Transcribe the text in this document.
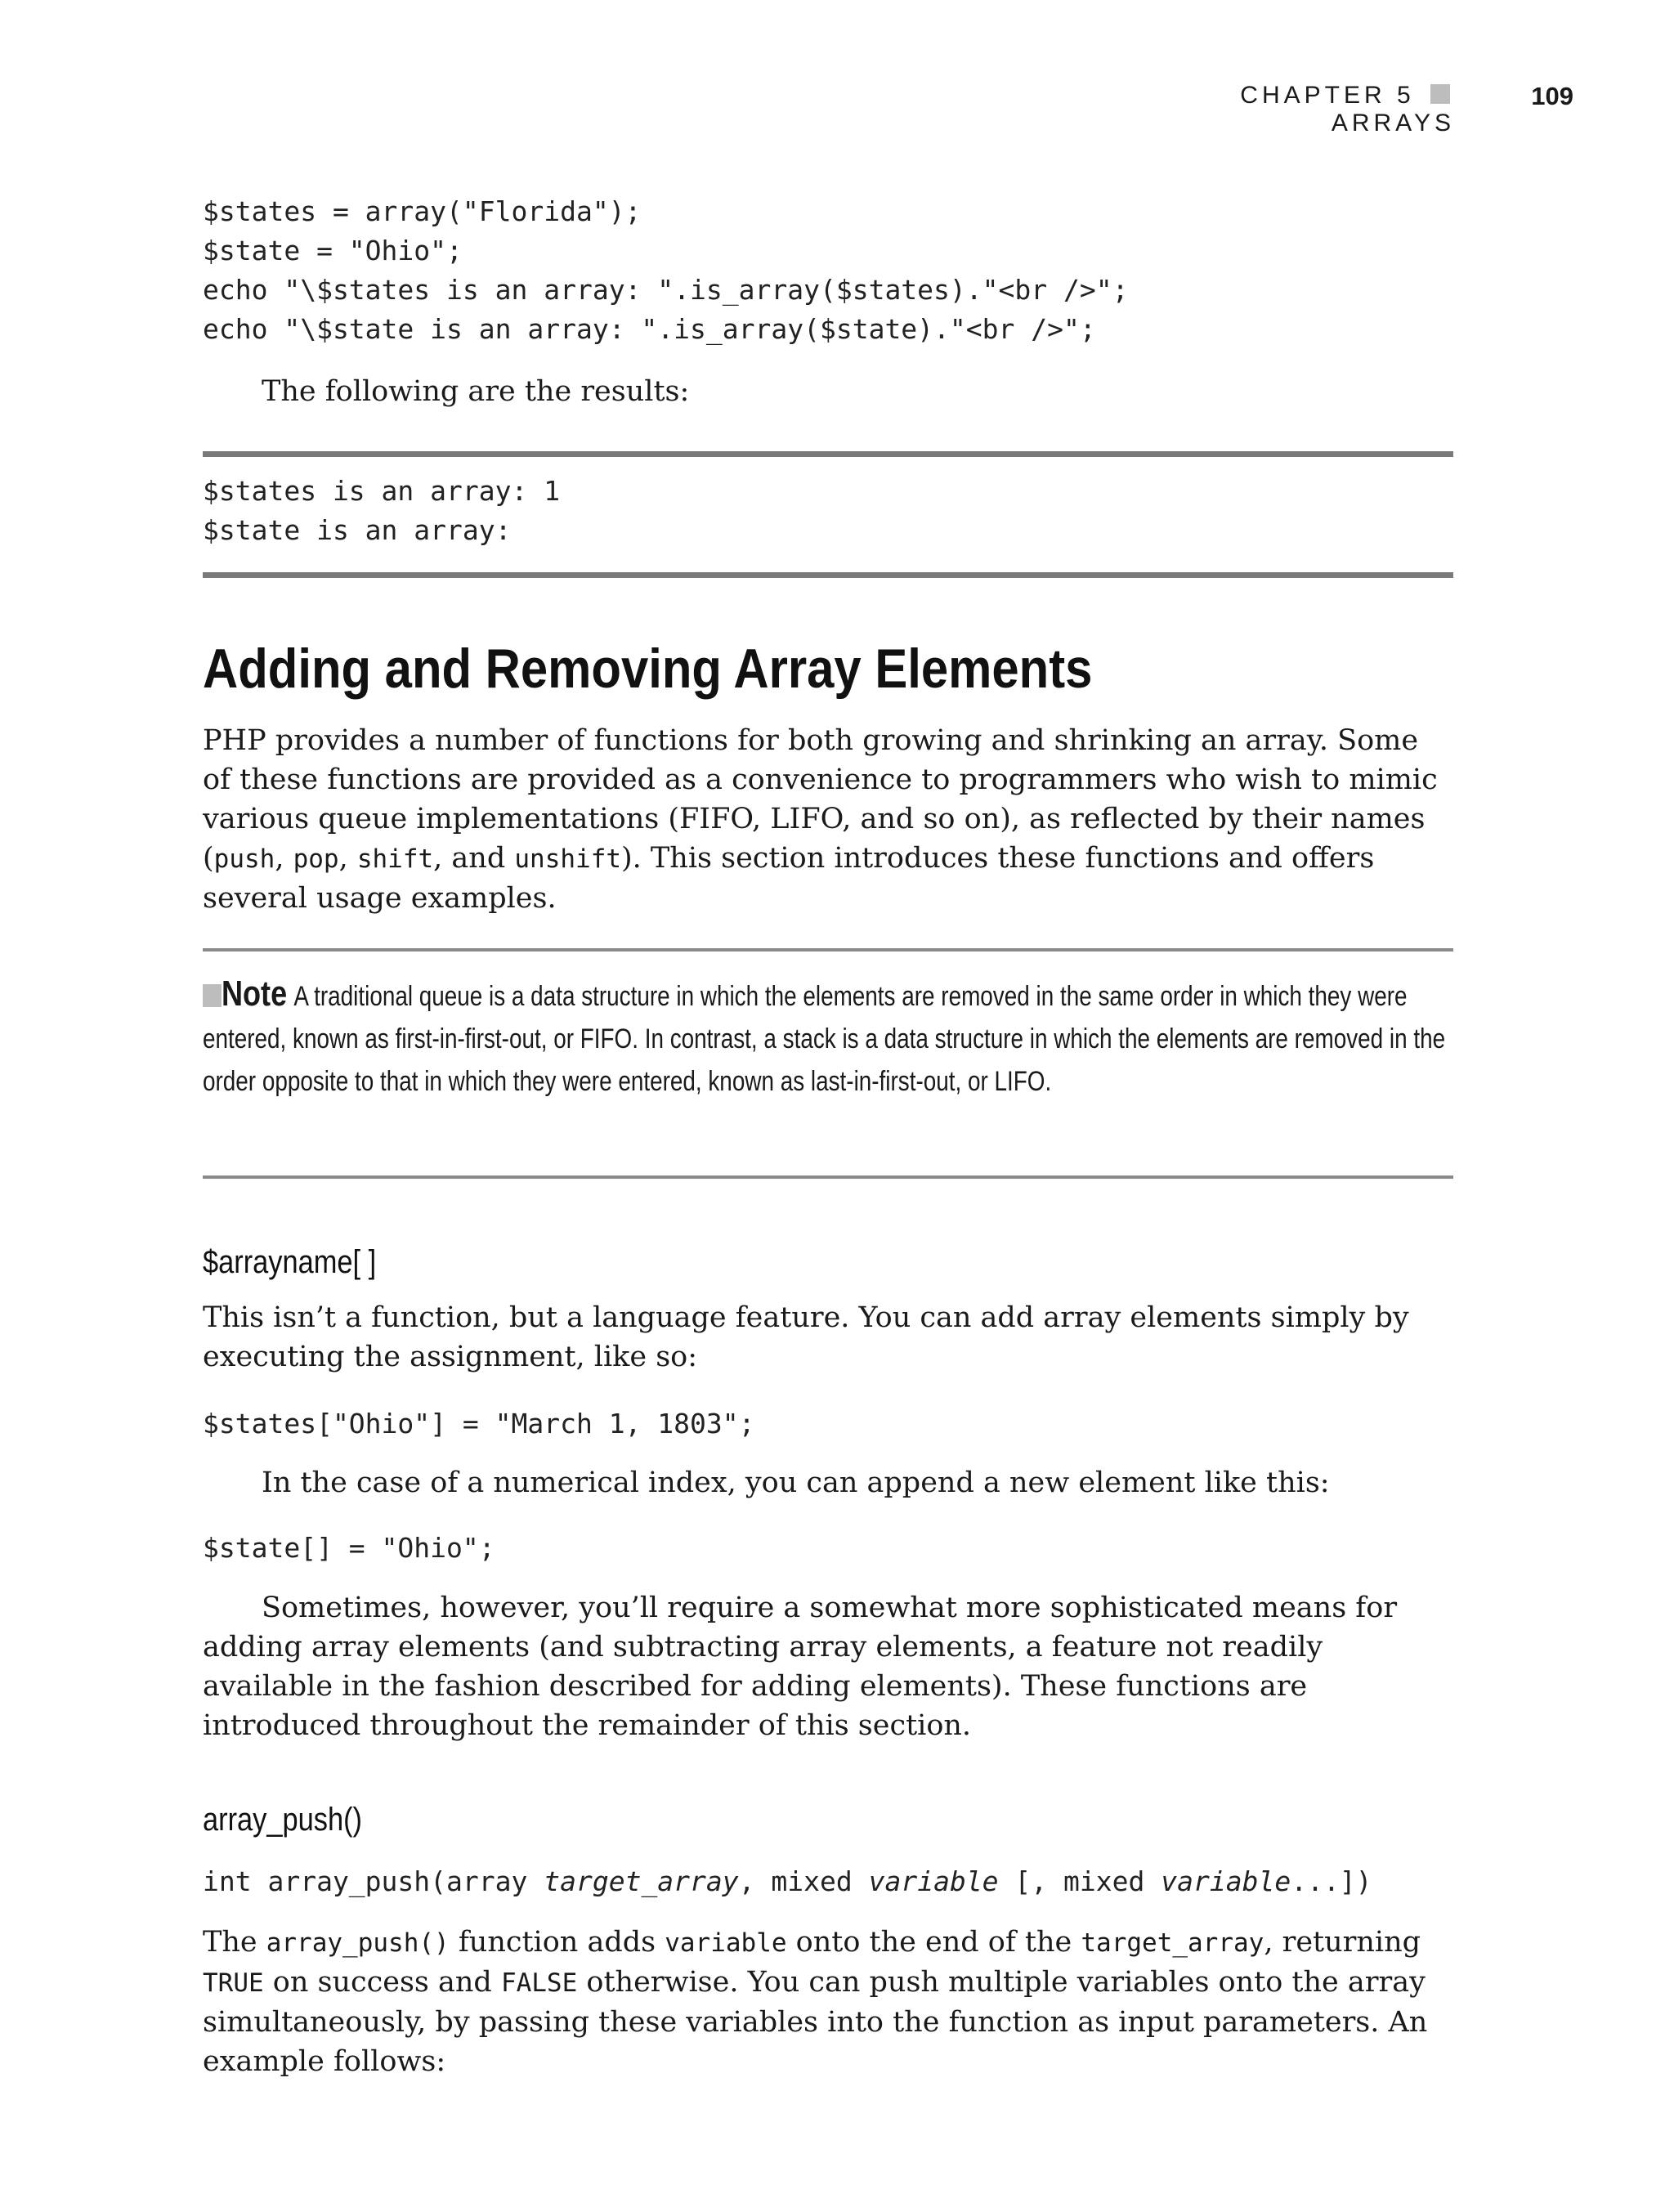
CHAPTER 5  ARRAYS
109
$states = array("Florida");
$state = "Ohio";
echo "\$states is an array: ".is_array($states)."<br />";
echo "\$state is an array: ".is_array($state)."<br />";
The following are the results:
$states is an array: 1
$state is an array:
Adding and Removing Array Elements
PHP provides a number of functions for both growing and shrinking an array. Some of these functions are provided as a convenience to programmers who wish to mimic various queue implementations (FIFO, LIFO, and so on), as reflected by their names (push, pop, shift, and unshift). This section introduces these functions and offers several usage examples.
Note A traditional queue is a data structure in which the elements are removed in the same order in which they were entered, known as first-in-first-out, or FIFO. In contrast, a stack is a data structure in which the elements are removed in the order opposite to that in which they were entered, known as last-in-first-out, or LIFO.
$arrayname[ ]
This isn’t a function, but a language feature. You can add array elements simply by executing the assignment, like so:
$states["Ohio"] = "March 1, 1803";
In the case of a numerical index, you can append a new element like this:
$state[] = "Ohio";
Sometimes, however, you’ll require a somewhat more sophisticated means for adding array elements (and subtracting array elements, a feature not readily available in the fashion described for adding elements). These functions are introduced throughout the remainder of this section.
array_push()
int array_push(array target_array, mixed variable [, mixed variable...])
The array_push() function adds variable onto the end of the target_array, returning TRUE on success and FALSE otherwise. You can push multiple variables onto the array simultaneously, by passing these variables into the function as input parameters. An example follows:
